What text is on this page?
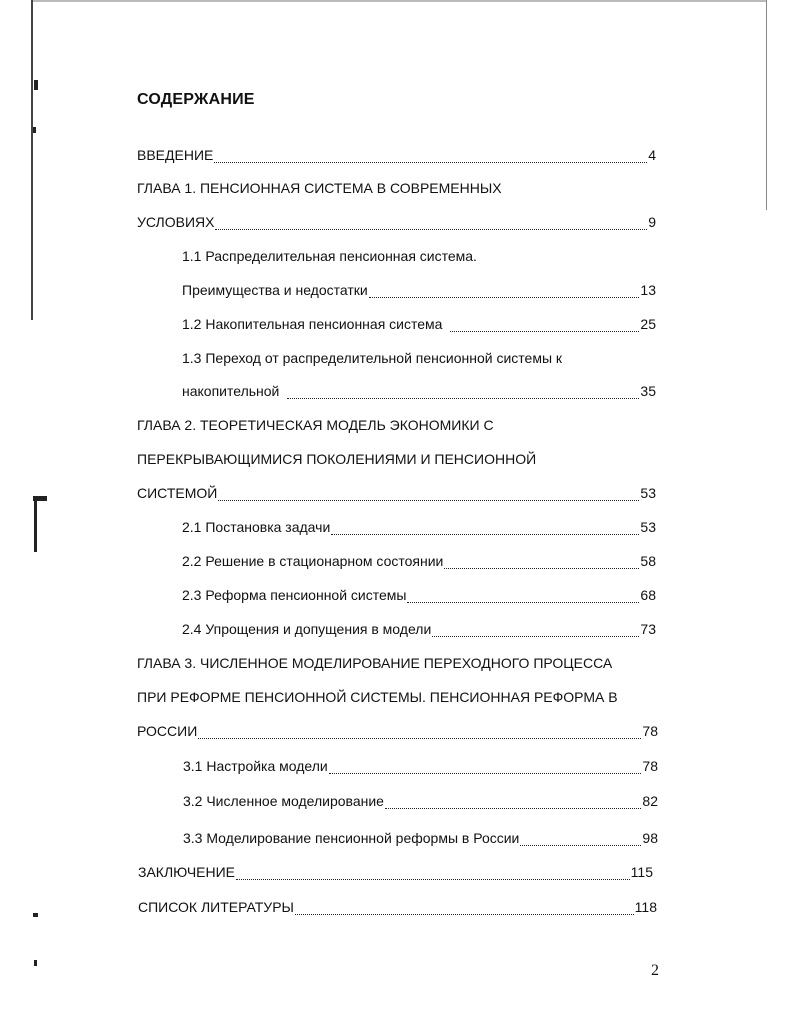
СОДЕРЖАНИЕ
ВВЕДЕНИЕ	4
ГЛАВА 1. ПЕНСИОННАЯ СИСТЕМА В СОВРЕМЕННЫХ
УСЛОВИЯХ	9
1.1 Распределительная пенсионная система.
Преимущества и недостатки	13
1.2 Накопительная пенсионная система	25
1.3 Переход от распределительной пенсионной системы к
накопительной	35
ГЛАВА 2. ТЕОРЕТИЧЕСКАЯ МОДЕЛЬ ЭКОНОМИКИ С
ПЕРЕКРЫВАЮЩИМИСЯ ПОКОЛЕНИЯМИ И ПЕНСИОННОЙ
СИСТЕМОЙ	53
2.1 Постановка задачи	53
2.2 Решение в стационарном состоянии	58
2.3 Реформа пенсионной системы	68
2.4 Упрощения и допущения в модели	73
ГЛАВА 3. ЧИСЛЕННОЕ МОДЕЛИРОВАНИЕ ПЕРЕХОДНОГО ПРОЦЕССА
ПРИ РЕФОРМЕ ПЕНСИОННОЙ СИСТЕМЫ. ПЕНСИОННАЯ РЕФОРМА В
РОССИИ	78
3.1 Настройка модели	78
3.2 Численное моделирование	82
3.3 Моделирование пенсионной реформы в России	98
ЗАКЛЮЧЕНИЕ	115
СПИСОК ЛИТЕРАТУРЫ	118
2
